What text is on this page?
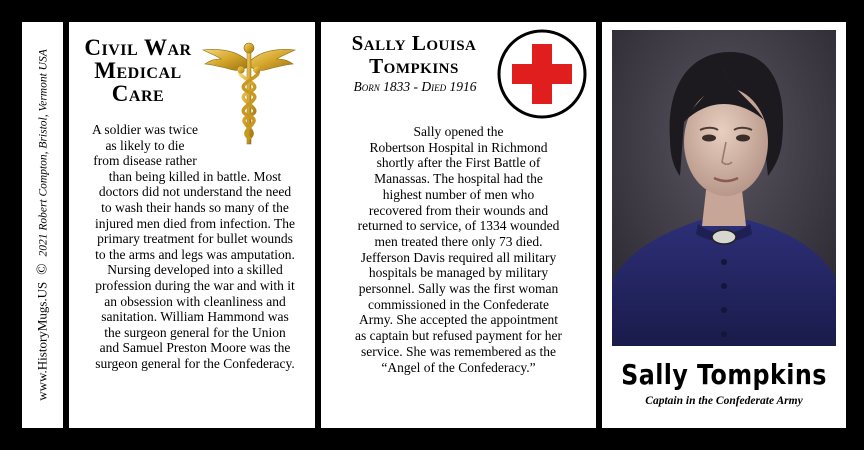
www.HistoryMugs.US © 2021 Robert Compton, Bristol, Vermont USA
Civil War
Medical
Care
A soldier was twice
as likely to die
from disease rather
than being killed in battle. Most
doctors did not understand the need
to wash their hands so many of the
injured men died from infection. The
primary treatment for bullet wounds
to the arms and legs was amputation.
Nursing developed into a skilled
profession during the war and with it
an obsession with cleanliness and
sanitation. William Hammond was
the surgeon general for the Union
and Samuel Preston Moore was the
surgeon general for the Confederacy.
Sally Louisa
Tompkins
Born 1833 - Died 1916
Sally opened the
Robertson Hospital in Richmond
shortly after the First Battle of
Manassas. The hospital had the
highest number of men who
recovered from their wounds and
returned to service, of 1334 wounded
men treated there only 73 died.
Jefferson Davis required all military
hospitals be managed by military
personnel. Sally was the first woman
commissioned in the Confederate
Army. She accepted the appointment
as captain but refused payment for her
service. She was remembered as the
“Angel of the Confederacy.”	Sally Tompkins
Captain in the Confederate Army
